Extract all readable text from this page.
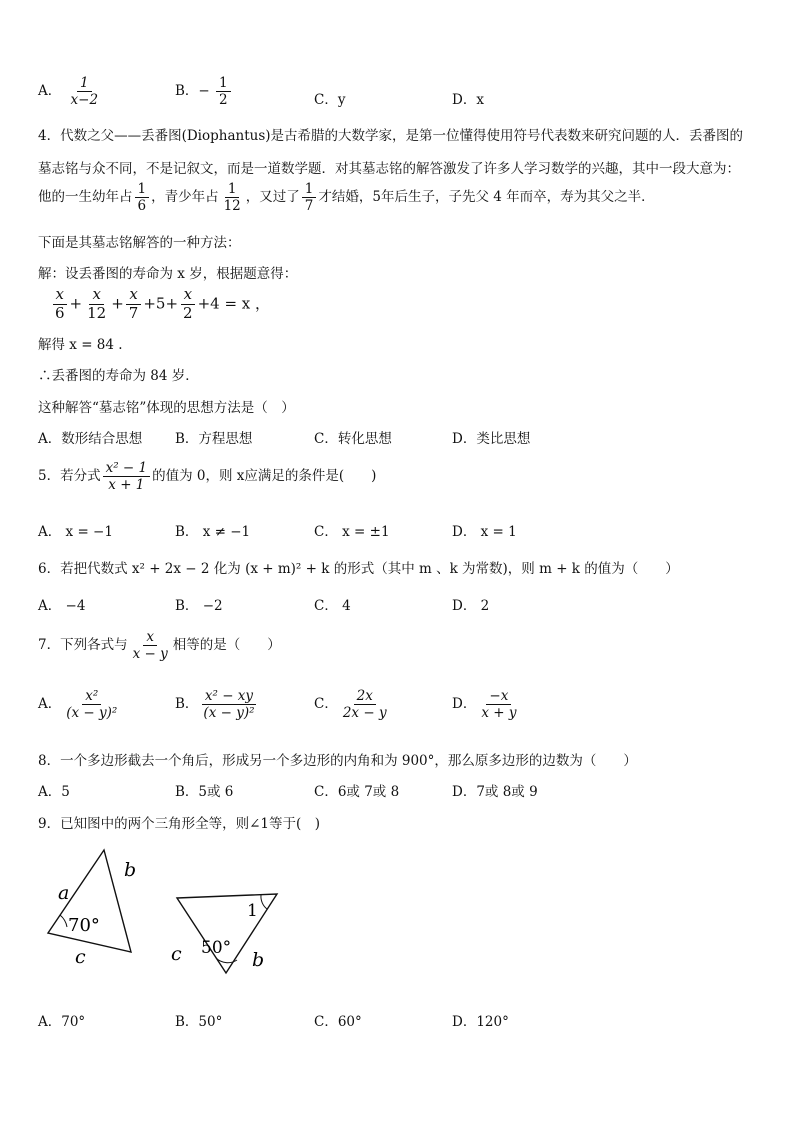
A． $\frac{1}{x-2}$	B．− $\frac{1}{2}$	C．y	D．x
4．代数之父——丢番图(Diophantus)是古希腊的大数学家，是第一位懂得使用符号代表数来研究问题的人．丢番图的
墓志铭与众不同，不是记叙文，而是一道数学题．对其墓志铭的解答激发了许多人学习数学的兴趣，其中一段大意为：
他的一生幼年占 $\frac{1}{6}$ ，青少年占 $\frac{1}{12}$ ，又过了 $\frac{1}{7}$ 才结婚，5年后生子，子先父 4 年而卒，寿为其父之半．
下面是其墓志铭解答的一种方法：
解：设丢番图的寿命为 x 岁，根据题意得：
$\frac{x}{6} + \frac{x}{12} + \frac{x}{7} +5+ \frac{x}{2} +4 = x$ ，
解得 x = 84 .
∴丢番图的寿命为 84 岁．
这种解答“墓志铭”体现的思想方法是（　）
A．数形结合思想 B．方程思想	C．转化思想	D．类比思想
5．若分式 $\frac{\text{x² − 1}}{x + 1}$ 的值为 0，则 x应满足的条件是(　　)
A． x = −1	B． x ≠ −1	C． x = ±1	D． x = 1
6．若把代数式 x² + 2x − 2 化为 (x + m)² + k 的形式（其中 m 、k 为常数)，则 m + k 的值为（　　）
A． −4	B． −2	C． 4	D． 2
7．下列各式与 $\frac{x}{x - y}$ 相等的是（　　）
A． $\frac{\text{x²}}{\text{(x − y)²}}$	B． $\frac{\text{x² − xy}}{\text{(x − y)²}}$	C． $\frac{2x}{2x - y}$	D． $\frac{-x}{x + y}$
8．一个多边形截去一个角后，形成另一个多边形的内角和为 900°，那么原多边形的边数为（　　）
A．5	B．5或 6	C．6或 7或 8	D．7或 8或 9
9．已知图中的两个三角形全等，则∠1等于(　)
a
b
c
70°
1
c	b
50°
A．70°	B．50°	C．60°	D．120°
